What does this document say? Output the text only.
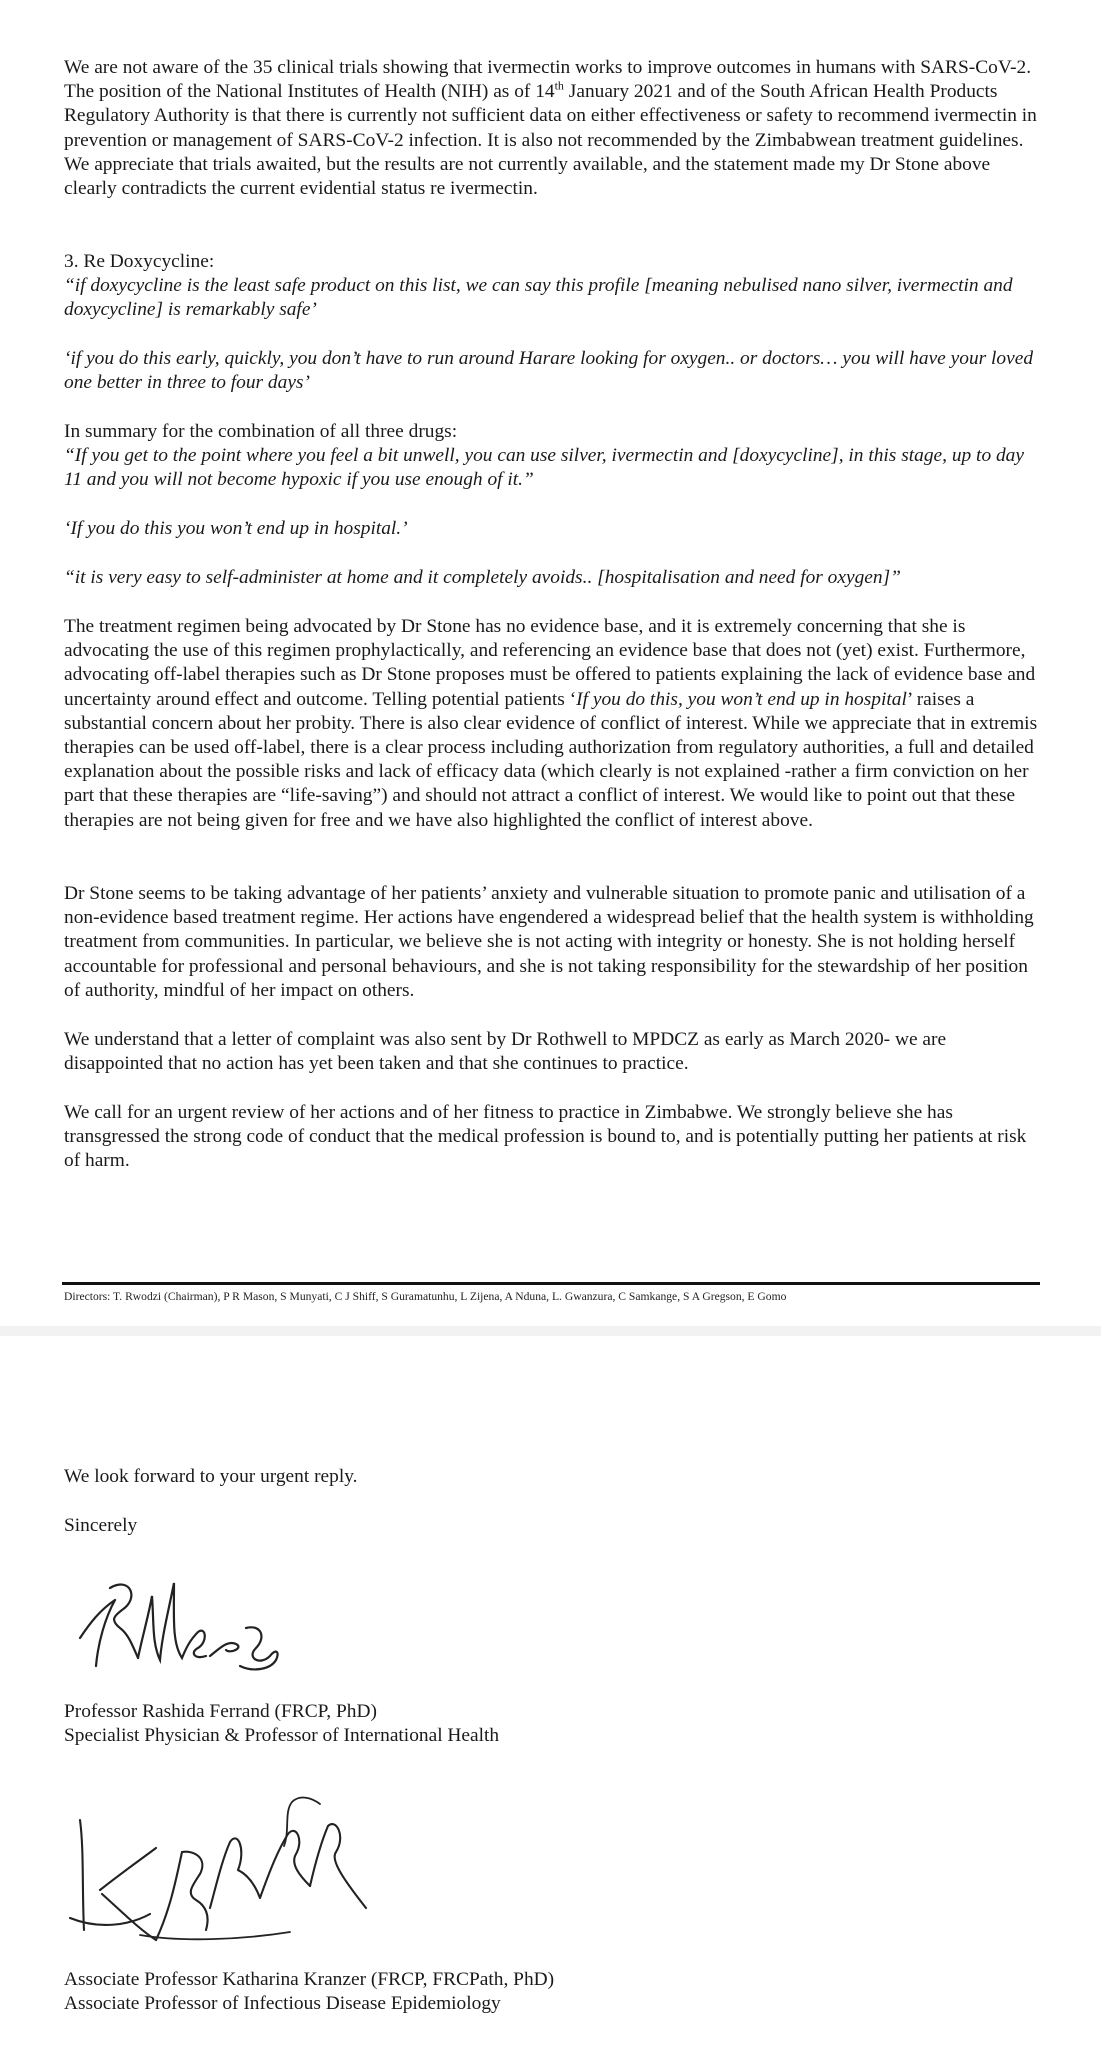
We are not aware of the 35 clinical trials showing that ivermectin works to improve outcomes in humans with SARS-CoV-2. The position of the National Institutes of Health (NIH) as of 14th January 2021 and of the South African Health Products Regulatory Authority is that there is currently not sufficient data on either effectiveness or safety to recommend ivermectin in prevention or management of SARS-CoV-2 infection. It is also not recommended by the Zimbabwean treatment guidelines. We appreciate that trials awaited, but the results are not currently available, and the statement made my Dr Stone above clearly contradicts the current evidential status re ivermectin.

3. Re Doxycycline:

“if doxycycline is the least safe product on this list, we can say this profile [meaning nebulised nano silver, ivermectin and doxycycline] is remarkably safe’

‘if you do this early, quickly, you don’t have to run around Harare looking for oxygen.. or doctors… you will have your loved one better in three to four days’

In summary for the combination of all three drugs:

“If you get to the point where you feel a bit unwell, you can use silver, ivermectin and [doxycycline], in this stage, up to day 11 and you will not become hypoxic if you use enough of it.”

‘If you do this you won’t end up in hospital.’

“it is very easy to self-administer at home and it completely avoids.. [hospitalisation and need for oxygen]”

The treatment regimen being advocated by Dr Stone has no evidence base, and it is extremely concerning that she is advocating the use of this regimen prophylactically, and referencing an evidence base that does not (yet) exist. Furthermore, advocating off-label therapies such as Dr Stone proposes must be offered to patients explaining the lack of evidence base and uncertainty around effect and outcome. Telling potential patients ‘If you do this, you won’t end up in hospital’ raises a substantial concern about her probity. There is also clear evidence of conflict of interest. While we appreciate that in extremis therapies can be used off-label, there is a clear process including authorization from regulatory authorities, a full and detailed explanation about the possible risks and lack of efficacy data (which clearly is not explained -rather a firm conviction on her part that these therapies are “life-saving”) and should not attract a conflict of interest. We would like to point out that these therapies are not being given for free and we have also highlighted the conflict of interest above.

Dr Stone seems to be taking advantage of her patients’ anxiety and vulnerable situation to promote panic and utilisation of a non-evidence based treatment regime. Her actions have engendered a widespread belief that the health system is withholding treatment from communities. In particular, we believe she is not acting with integrity or honesty. She is not holding herself accountable for professional and personal behaviours, and she is not taking responsibility for the stewardship of her position of authority, mindful of her impact on others.

We understand that a letter of complaint was also sent by Dr Rothwell to MPDCZ as early as March 2020- we are disappointed that no action has yet been taken and that she continues to practice.

We call for an urgent review of her actions and of her fitness to practice in Zimbabwe. We strongly believe she has transgressed the strong code of conduct that the medical profession is bound to, and is potentially putting her patients at risk of harm.

Directors: T. Rwodzi (Chairman), P R Mason, S Munyati, C J Shiff, S Guramatunhu, L Zijena, A Nduna, L. Gwanzura, C Samkange, S A Gregson, E Gomo

We look forward to your urgent reply.

Sincerely

Professor Rashida Ferrand (FRCP, PhD)

Specialist Physician & Professor of International Health

Associate Professor Katharina Kranzer (FRCP, FRCPath, PhD)

Associate Professor of Infectious Disease Epidemiology
